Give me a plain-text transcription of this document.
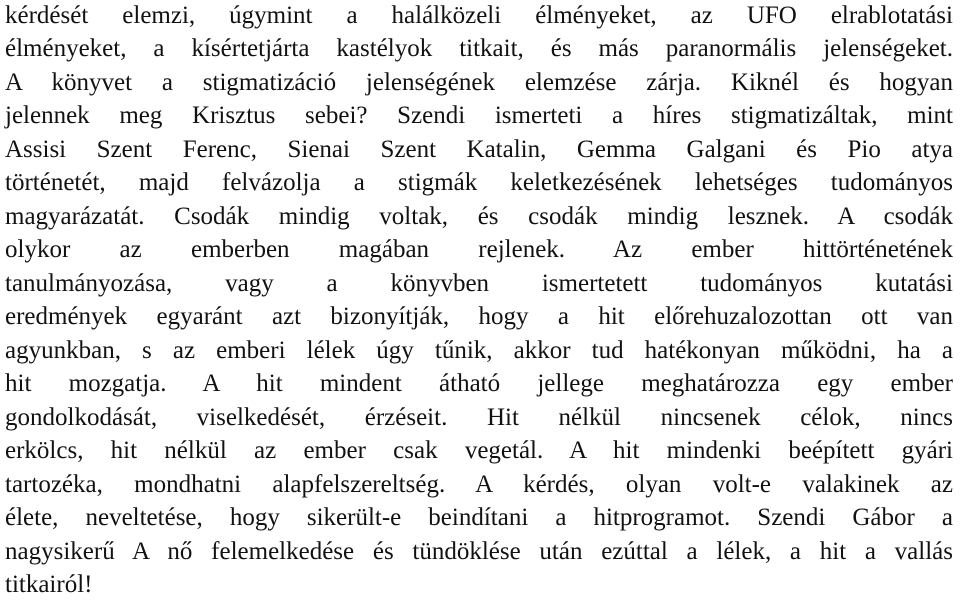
kérdését elemzi, úgymint a halálközeli élményeket, az UFO elrablotatási
élményeket, a kísértetjárta kastélyok titkait, és más paranormális jelenségeket.
A könyvet a stigmatizáció jelenségének elemzése zárja. Kiknél és hogyan
jelennek meg Krisztus sebei? Szendi ismerteti a híres stigmatizáltak, mint
Assisi Szent Ferenc, Sienai Szent Katalin, Gemma Galgani és Pio atya
történetét, majd felvázolja a stigmák keletkezésének lehetséges tudományos
magyarázatát. Csodák mindig voltak, és csodák mindig lesznek. A csodák
olykor az emberben magában rejlenek. Az ember hittörténetének
tanulmányozása, vagy a könyvben ismertetett tudományos kutatási
eredmények egyaránt azt bizonyítják, hogy a hit előrehuzalozottan ott van
agyunkban, s az emberi lélek úgy tűnik, akkor tud hatékonyan működni, ha a
hit mozgatja. A hit mindent átható jellege meghatározza egy ember
gondolkodását, viselkedését, érzéseit. Hit nélkül nincsenek célok, nincs
erkölcs, hit nélkül az ember csak vegetál. A hit mindenki beépített gyári
tartozéka, mondhatni alapfelszereltség. A kérdés, olyan volt-e valakinek az
élete, neveltetése, hogy sikerült-e beindítani a hitprogramot. Szendi Gábor a
nagysikerű A nő felemelkedése és tündöklése után ezúttal a lélek, a hit a vallás
titkairól!
